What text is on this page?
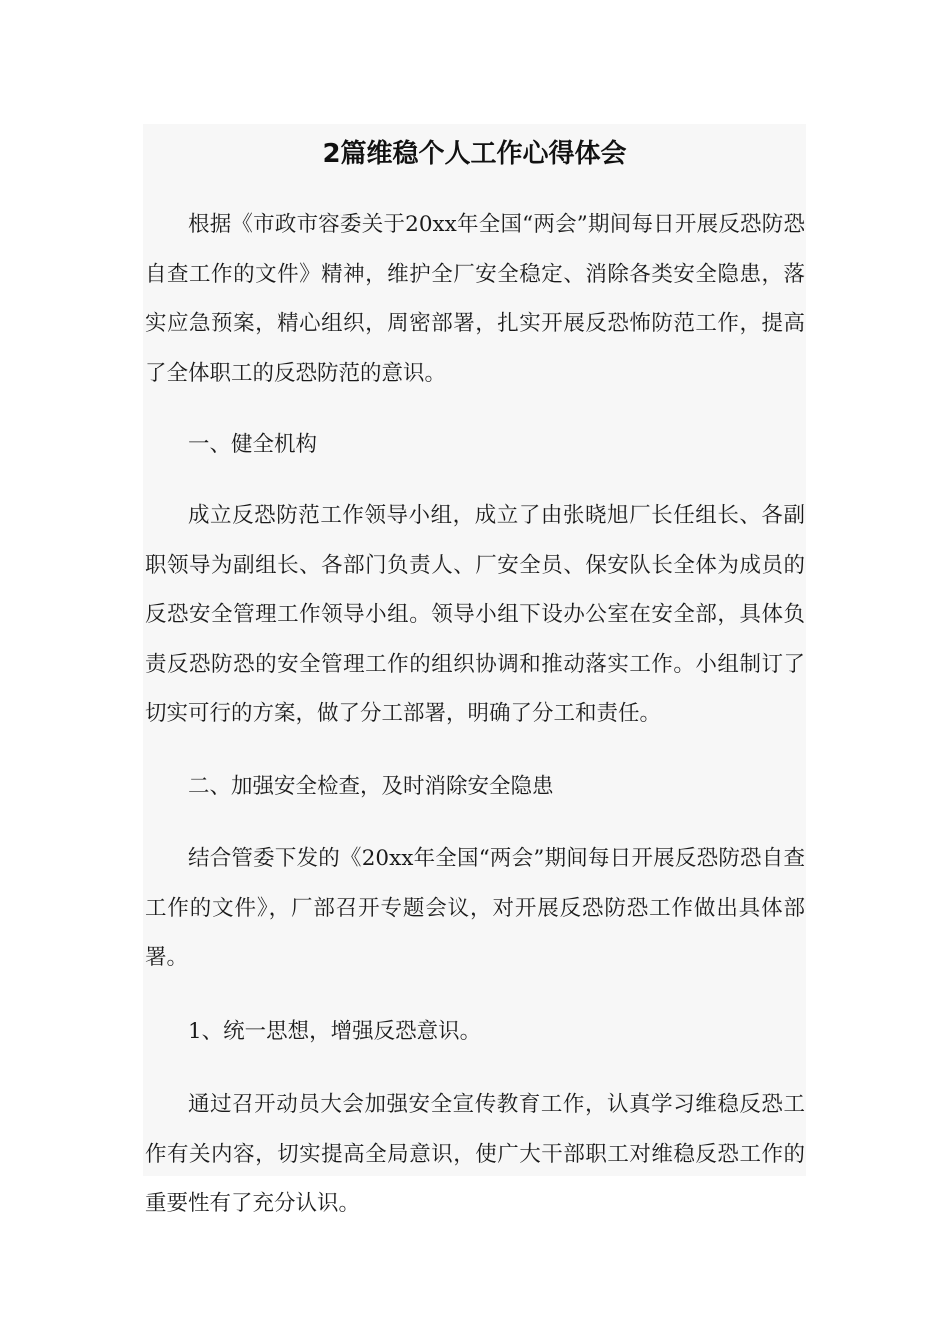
2篇维稳个人工作心得体会

根据《市政市容委关于20xx年全国“两会”期间每日开展反恐防恐自查工作的文件》精神，维护全厂安全稳定、消除各类安全隐患，落实应急预案，精心组织，周密部署，扎实开展反恐怖防范工作，提高了全体职工的反恐防范的意识。

一、健全机构

成立反恐防范工作领导小组，成立了由张晓旭厂长任组长、各副职领导为副组长、各部门负责人、厂安全员、保安队长全体为成员的反恐安全管理工作领导小组。领导小组下设办公室在安全部，具体负责反恐防恐的安全管理工作的组织协调和推动落实工作。小组制订了切实可行的方案，做了分工部署，明确了分工和责任。

二、加强安全检查，及时消除安全隐患

结合管委下发的《20xx年全国“两会”期间每日开展反恐防恐自查工作的文件》，厂部召开专题会议，对开展反恐防恐工作做出具体部署。

1、统一思想，增强反恐意识。

通过召开动员大会加强安全宣传教育工作，认真学习维稳反恐工作有关内容，切实提高全局意识，使广大干部职工对维稳反恐工作的重要性有了充分认识。
